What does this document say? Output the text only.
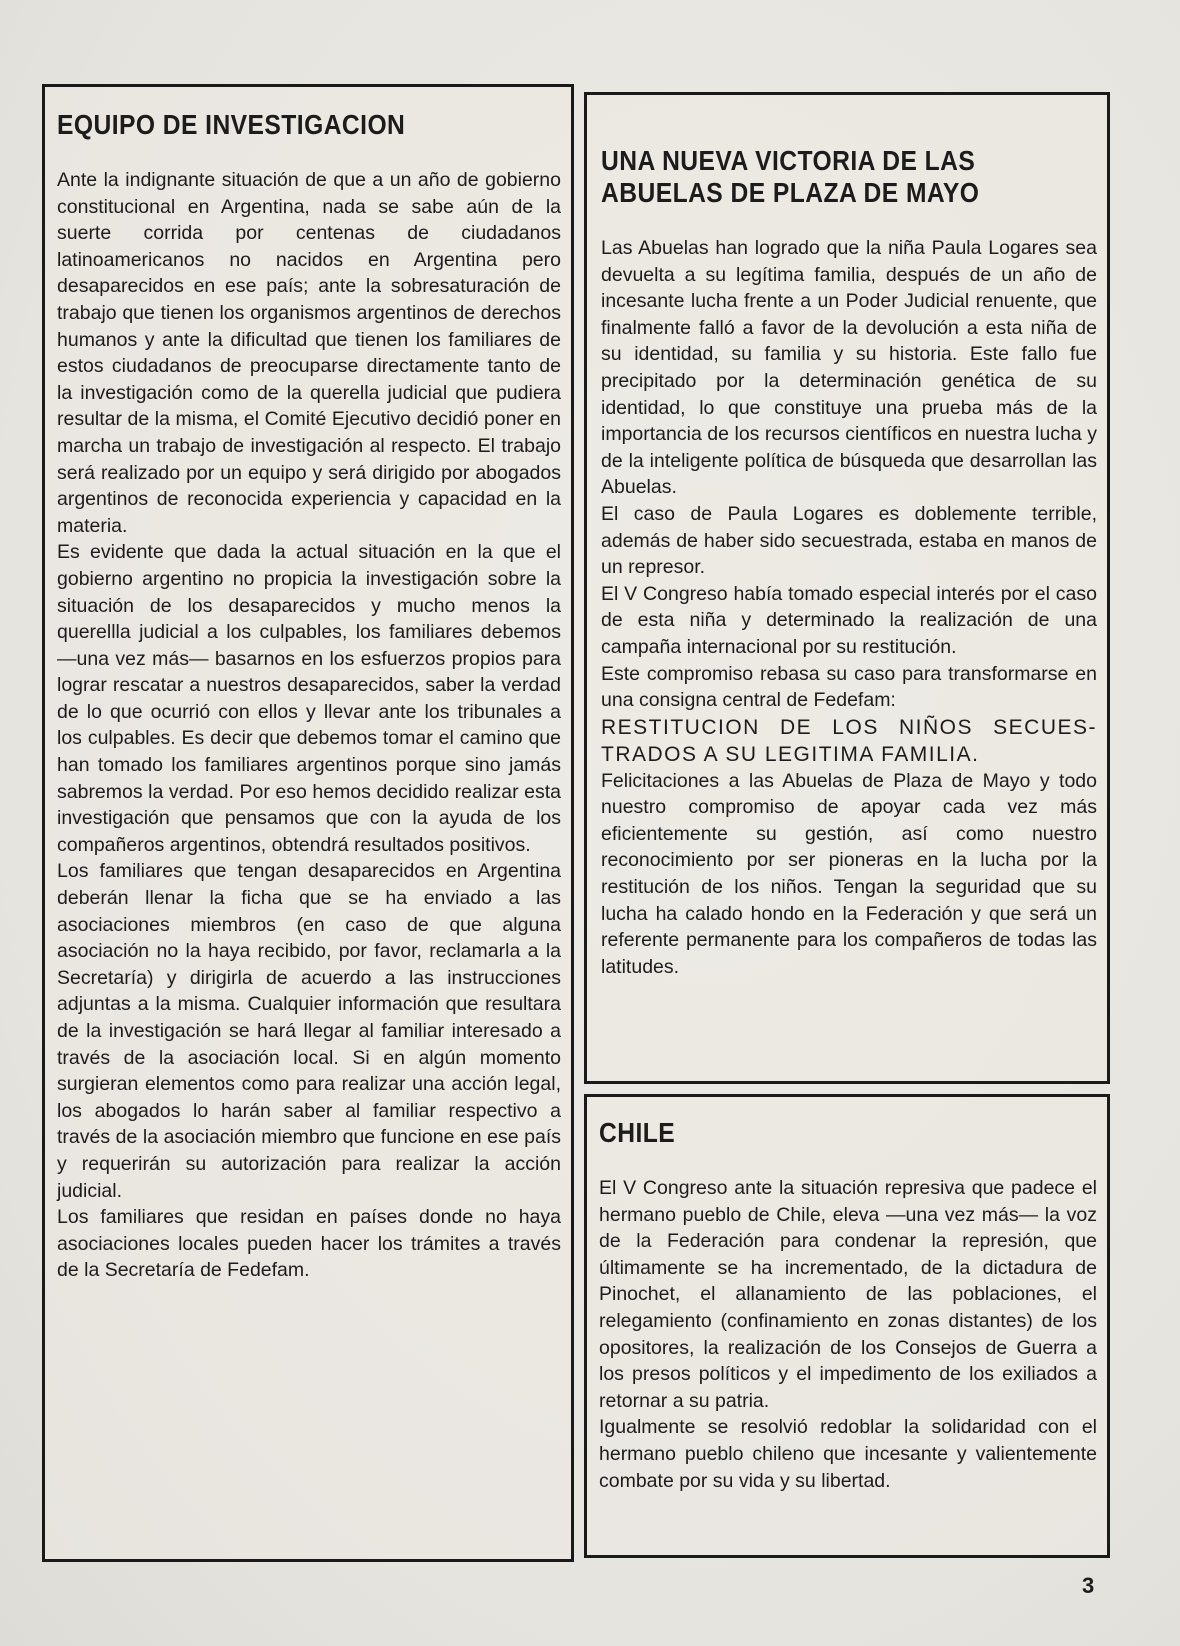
EQUIPO DE INVESTIGACION

Ante la indignante situación de que a un año de gobierno constitucional en Argentina, nada se sabe aún de la suerte corrida por centenas de ciudadanos latinoamericanos no nacidos en Argentina pero desaparecidos en ese país; ante la sobresaturación de trabajo que tienen los organismos argentinos de derechos humanos y ante la dificultad que tienen los familiares de estos ciudadanos de preocuparse directamente tanto de la investigación como de la querella judicial que pudiera resultar de la misma, el Comité Ejecutivo decidió poner en marcha un trabajo de investigación al respecto. El trabajo será realizado por un equipo y será dirigido por abogados argentinos de reconocida experiencia y capacidad en la materia.

Es evidente que dada la actual situación en la que el gobierno argentino no propicia la investigación sobre la situación de los desaparecidos y mucho menos la querellla judicial a los culpables, los familiares debemos —una vez más— basarnos en los esfuerzos propios para lograr rescatar a nuestros desaparecidos, saber la verdad de lo que ocurrió con ellos y llevar ante los tribunales a los culpables. Es decir que debemos tomar el camino que han tomado los familiares argentinos porque sino jamás sabremos la verdad. Por eso hemos decidido realizar esta investigación que pensamos que con la ayuda de los compañeros argentinos, obtendrá resultados positivos.

Los familiares que tengan desaparecidos en Argentina deberán llenar la ficha que se ha enviado a las asociaciones miembros (en caso de que alguna asociación no la haya recibido, por favor, reclamarla a la Secretaría) y dirigirla de acuerdo a las instrucciones adjuntas a la misma. Cualquier información que resultara de la investigación se hará llegar al familiar interesado a través de la asociación local. Si en algún momento surgieran elementos como para realizar una acción legal, los abogados lo harán saber al familiar respectivo a través de la asociación miembro que funcione en ese país y requerirán su autorización para realizar la acción judicial.

Los familiares que residan en países donde no haya asociaciones locales pueden hacer los trámites a través de la Secretaría de Fedefam.

UNA NUEVA VICTORIA DE LAS
ABUELAS DE PLAZA DE MAYO

Las Abuelas han logrado que la niña Paula Logares sea devuelta a su legítima familia, después de un año de incesante lucha frente a un Poder Judicial renuente, que finalmente falló a favor de la devolución a esta niña de su identidad, su familia y su historia. Este fallo fue precipitado por la determinación genética de su identidad, lo que constituye una prueba más de la importancia de los recursos científicos en nuestra lucha y de la inteligente política de búsqueda que desarrollan las Abuelas.

El caso de Paula Logares es doblemente terrible, además de haber sido secuestrada, estaba en manos de un represor.

El V Congreso había tomado especial interés por el caso de esta niña y determinado la realización de una campaña internacional por su restitución.

Este compromiso rebasa su caso para transformarse en una consigna central de Fedefam:

RESTITUCION DE LOS NIÑOS SECUES-
TRADOS A SU LEGITIMA FAMILIA.

Felicitaciones a las Abuelas de Plaza de Mayo y todo nuestro compromiso de apoyar cada vez más eficientemente su gestión, así como nuestro reconocimiento por ser pioneras en la lucha por la restitución de los niños. Tengan la seguridad que su lucha ha calado hondo en la Federación y que será un referente permanente para los compañeros de todas las latitudes.

CHILE

El V Congreso ante la situación represiva que padece el hermano pueblo de Chile, eleva —una vez más— la voz de la Federación para condenar la represión, que últimamente se ha incrementado, de la dictadura de Pinochet, el allanamiento de las poblaciones, el relegamiento (confinamiento en zonas distantes) de los opositores, la realización de los Consejos de Guerra a los presos políticos y el impedimento de los exiliados a retornar a su patria.

Igualmente se resolvió redoblar la solidaridad con el hermano pueblo chileno que incesante y valientemente combate por su vida y su libertad.

3
